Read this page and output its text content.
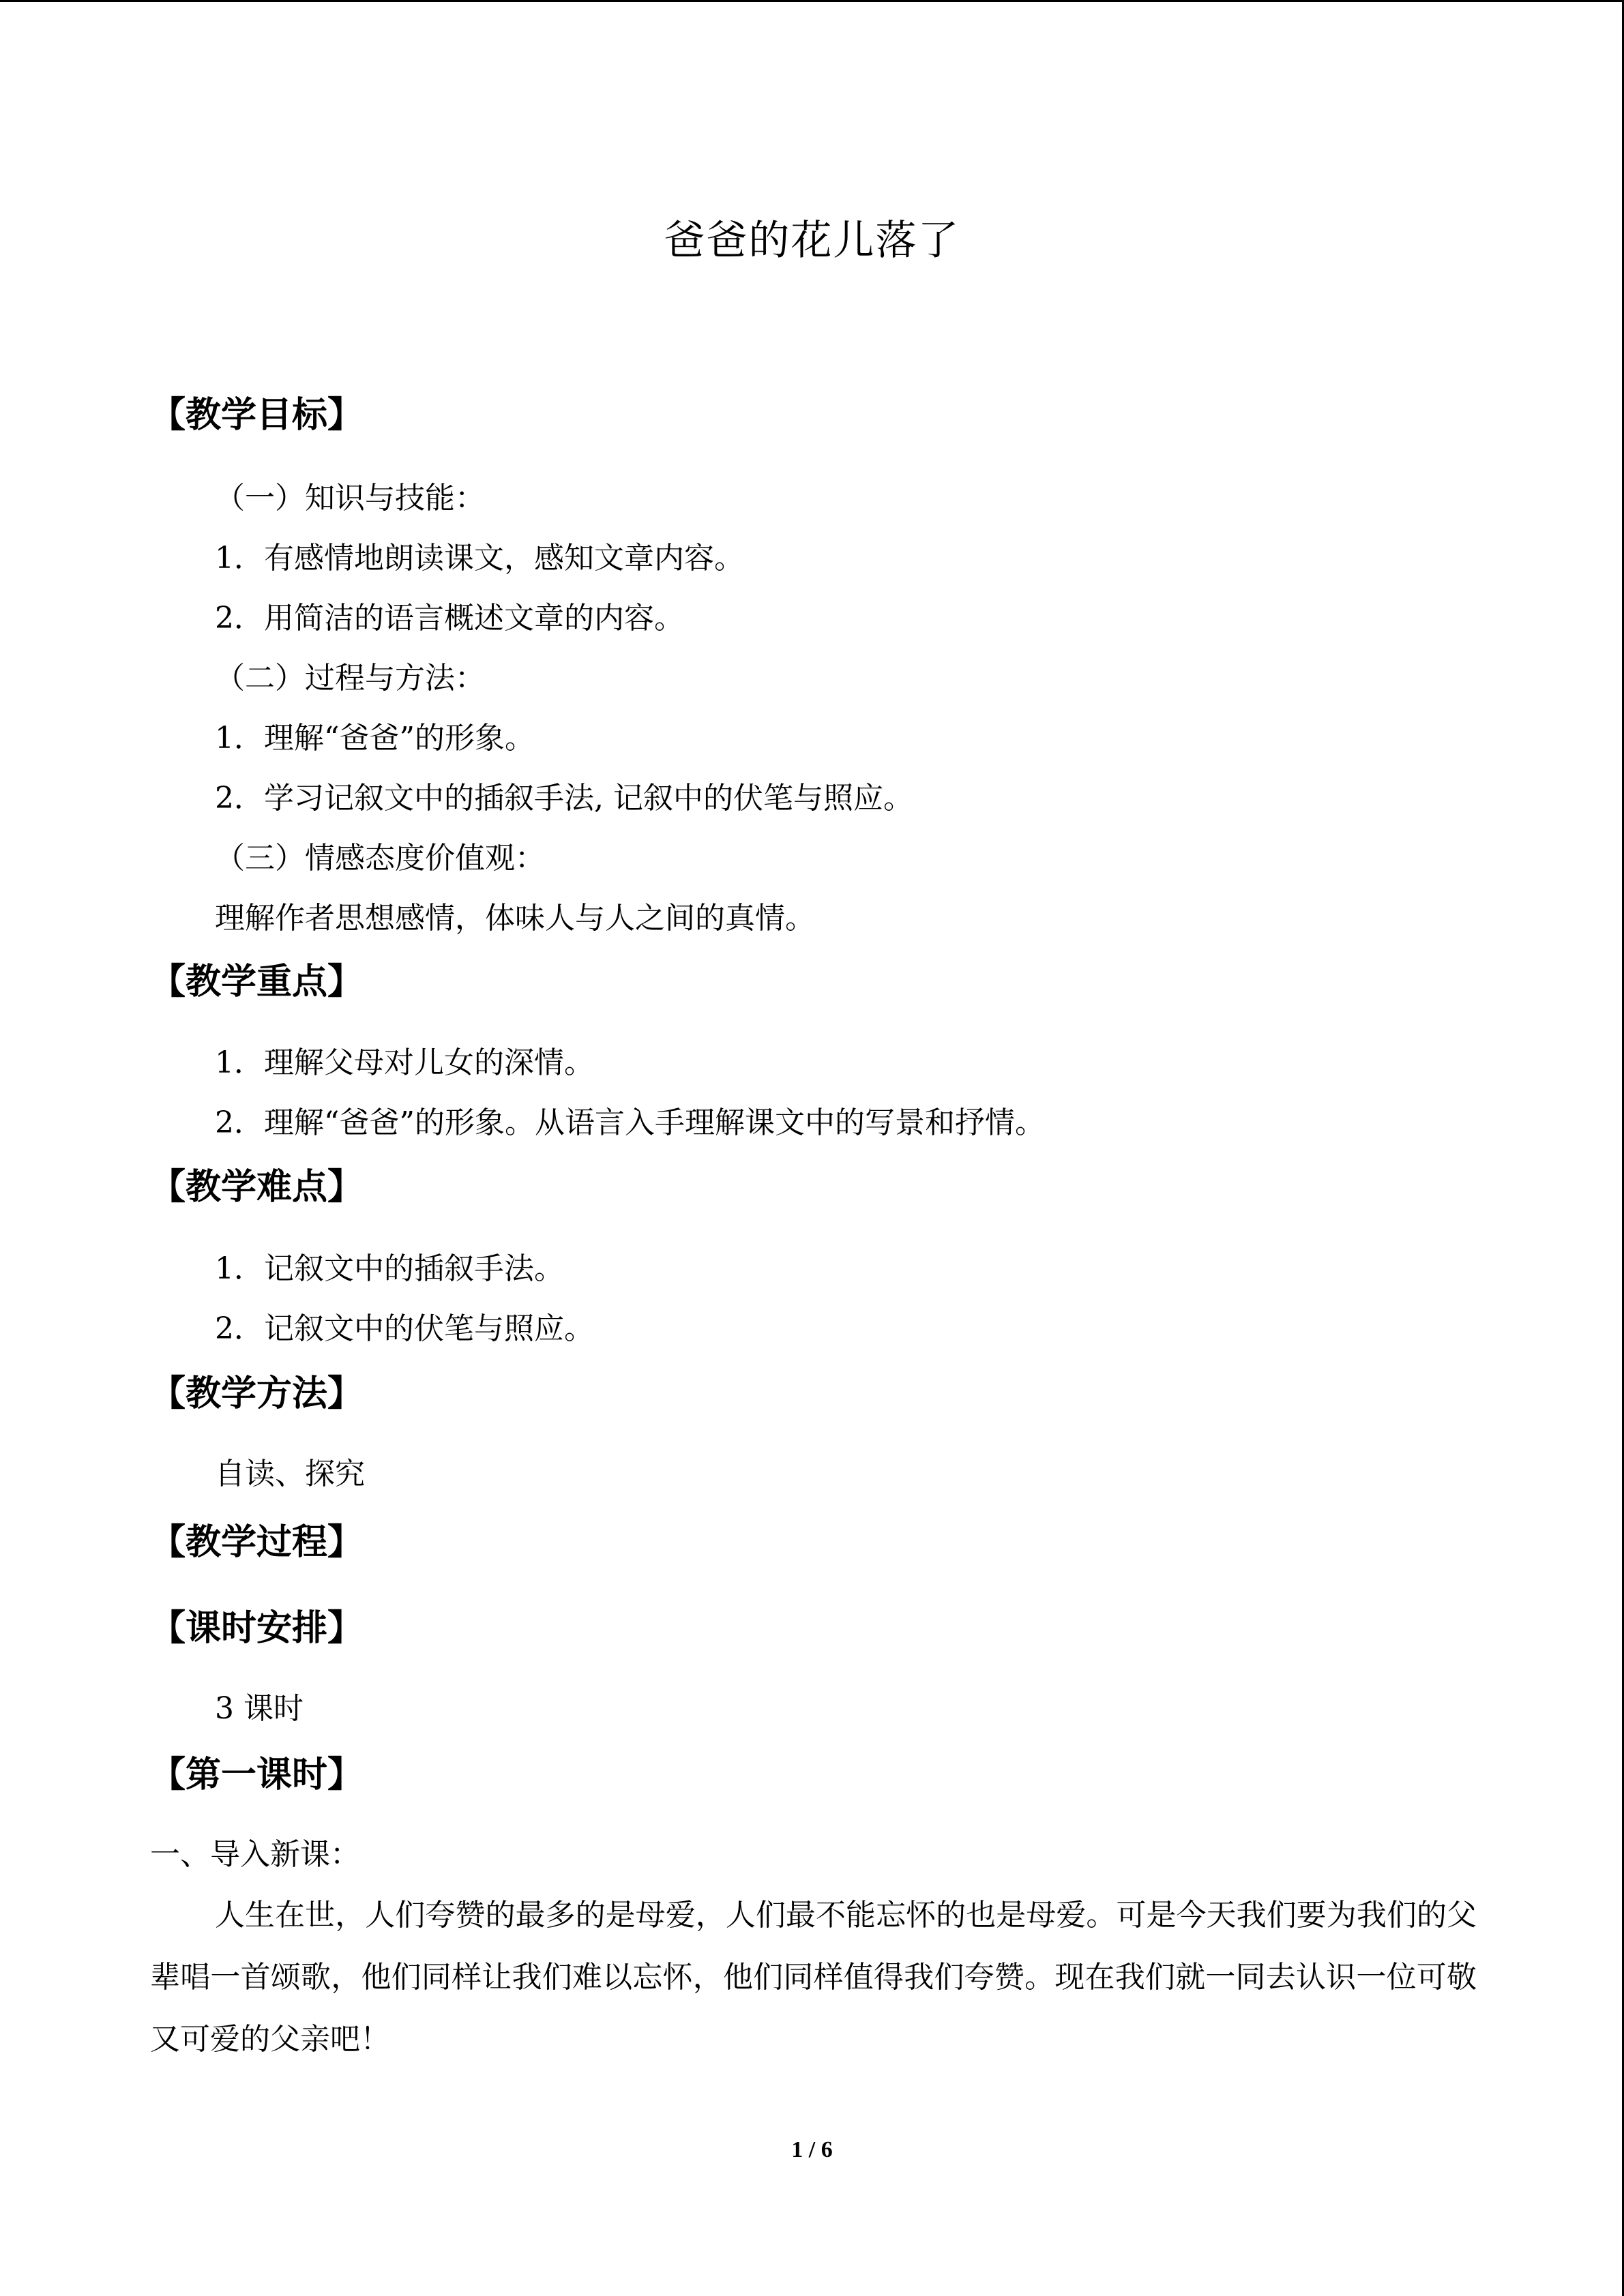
爸爸的花儿落了
【教学目标】
（一）知识与技能：
1．有感情地朗读课文，感知文章内容。
2．用简洁的语言概述文章的内容。
（二）过程与方法：
1．理解“爸爸”的形象。
2．学习记叙文中的插叙手法, 记叙中的伏笔与照应。
（三）情感态度价值观：
理解作者思想感情，体味人与人之间的真情。
【教学重点】
1．理解父母对儿女的深情。
2．理解“爸爸”的形象。从语言入手理解课文中的写景和抒情。
【教学难点】
1．记叙文中的插叙手法。
2．记叙文中的伏笔与照应。
【教学方法】
自读、探究
【教学过程】
【课时安排】
3 课时
【第一课时】
一、导入新课：

人生在世，人们夸赞的最多的是母爱，人们最不能忘怀的也是母爱。可是今天我们要为我们的父辈唱一首颂歌，他们同样让我们难以忘怀，他们同样值得我们夸赞。现在我们就一同去认识一位可敬又可爱的父亲吧！

1 / 6
